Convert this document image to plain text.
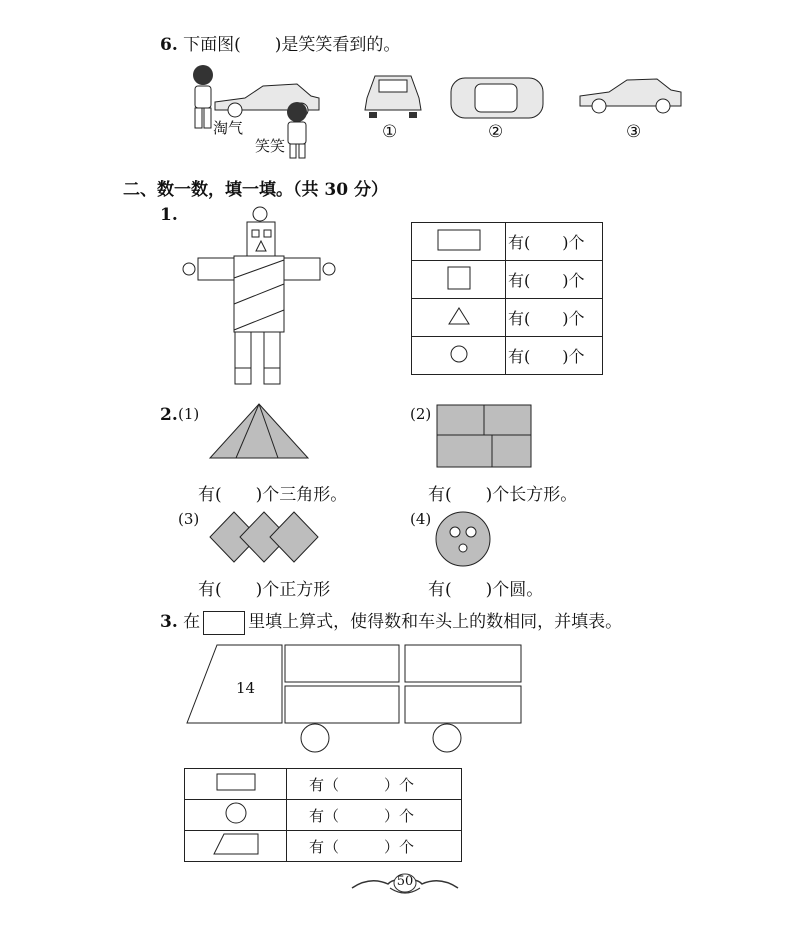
6. 下面图(　　)是笑笑看到的。
淘气
笑笑
①	②	③
二、数一数，填一填。（共 30 分）
1.
	有(　　)个
	有(　　)个
	有(　　)个
	有(　　)个
2. (1)	(2)
有(　　)个三角形。	有(　　)个长方形。
(3)	(4)
有(　　)个正方形	有(　　)个圆。
3. 在	里填上算式，使得数和车头上的数相同，并填表。
14
	有（　　　）个
	有（　　　）个
	有（　　　）个
50
